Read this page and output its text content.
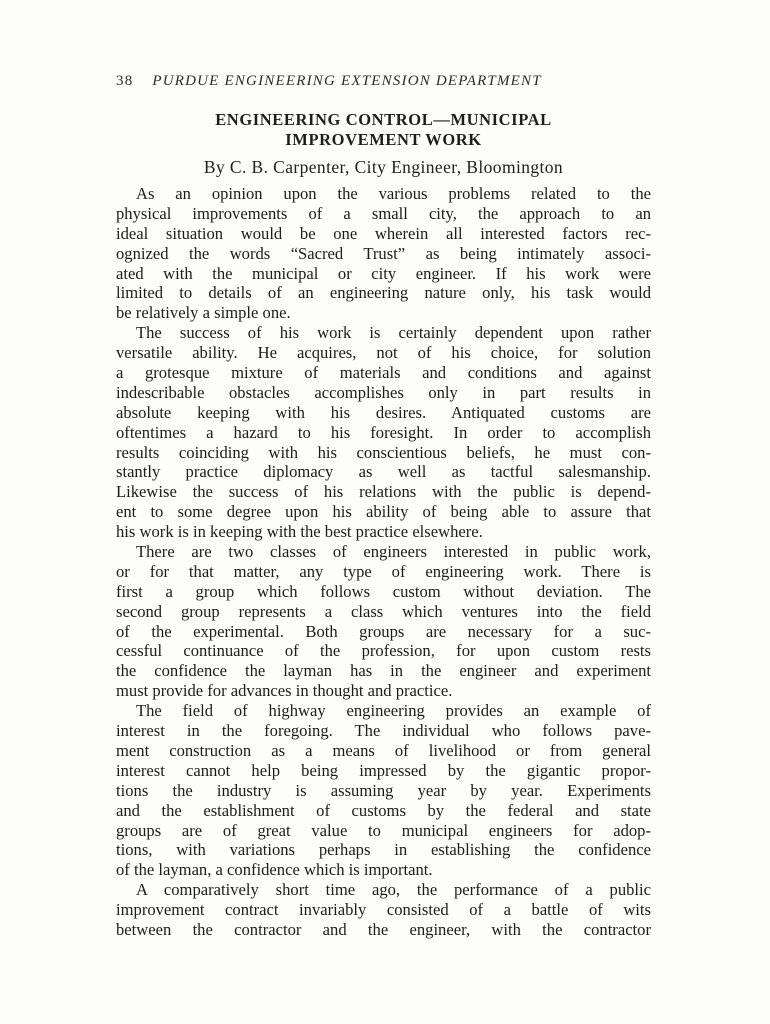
38 PURDUE ENGINEERING EXTENSION DEPARTMENT
ENGINEERING CONTROL—MUNICIPAL
IMPROVEMENT WORK
By C. B. Carpenter, City Engineer, Bloomington
As an opinion upon the various problems related to the
physical improvements of a small city, the approach to an
ideal situation would be one wherein all interested factors rec-
ognized the words “Sacred Trust” as being intimately associ-
ated with the municipal or city engineer. If his work were
limited to details of an engineering nature only, his task would
be relatively a simple one.
The success of his work is certainly dependent upon rather
versatile ability. He acquires, not of his choice, for solution
a grotesque mixture of materials and conditions and against
indescribable obstacles accomplishes only in part results in
absolute keeping with his desires. Antiquated customs are
oftentimes a hazard to his foresight. In order to accomplish
results coinciding with his conscientious beliefs, he must con-
stantly practice diplomacy as well as tactful salesmanship.
Likewise the success of his relations with the public is depend-
ent to some degree upon his ability of being able to assure that
his work is in keeping with the best practice elsewhere.
There are two classes of engineers interested in public work,
or for that matter, any type of engineering work. There is
first a group which follows custom without deviation. The
second group represents a class which ventures into the field
of the experimental. Both groups are necessary for a suc-
cessful continuance of the profession, for upon custom rests
the confidence the layman has in the engineer and experiment
must provide for advances in thought and practice.
The field of highway engineering provides an example of
interest in the foregoing. The individual who follows pave-
ment construction as a means of livelihood or from general
interest cannot help being impressed by the gigantic propor-
tions the industry is assuming year by year. Experiments
and the establishment of customs by the federal and state
groups are of great value to municipal engineers for adop-
tions, with variations perhaps in establishing the confidence
of the layman, a confidence which is important.
A comparatively short time ago, the performance of a public
improvement contract invariably consisted of a battle of wits
between the contractor and the engineer, with the contractor
